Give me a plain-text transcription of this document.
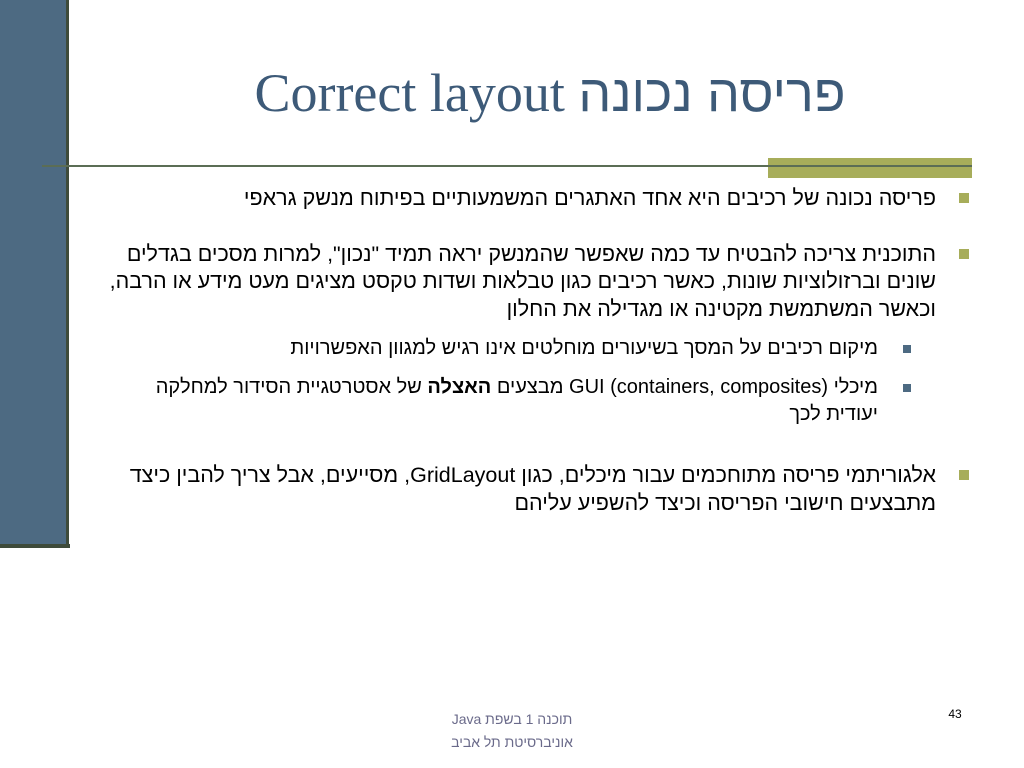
Correct layout פריסה נכונה
פריסה נכונה של רכיבים היא אחד האתגרים המשמעותיים בפיתוח מנשק גראפי
התוכנית צריכה להבטיח עד כמה שאפשר שהמנשק יראה תמיד "נכון", למרות מסכים בגדלים שונים וברזולוציות שונות, כאשר רכיבים כגון טבלאות ושדות טקסט מציגים מעט מידע או הרבה, וכאשר המשתמשת מקטינה או מגדילה את החלון
מיקום רכיבים על המסך בשיעורים מוחלטים אינו רגיש למגוון האפשרויות
מיכלי GUI (containers, composites) מבצעים האצלה של אסטרטגיית הסידור למחלקה יעודית לכך
אלגוריתמי פריסה מתוחכמים עבור מיכלים, כגון GridLayout, מסייעים, אבל צריך להבין כיצד מתבצעים חישובי הפריסה וכיצד להשפיע עליהם
תוכנה 1 בשפת Java
אוניברסיטת תל אביב
43
